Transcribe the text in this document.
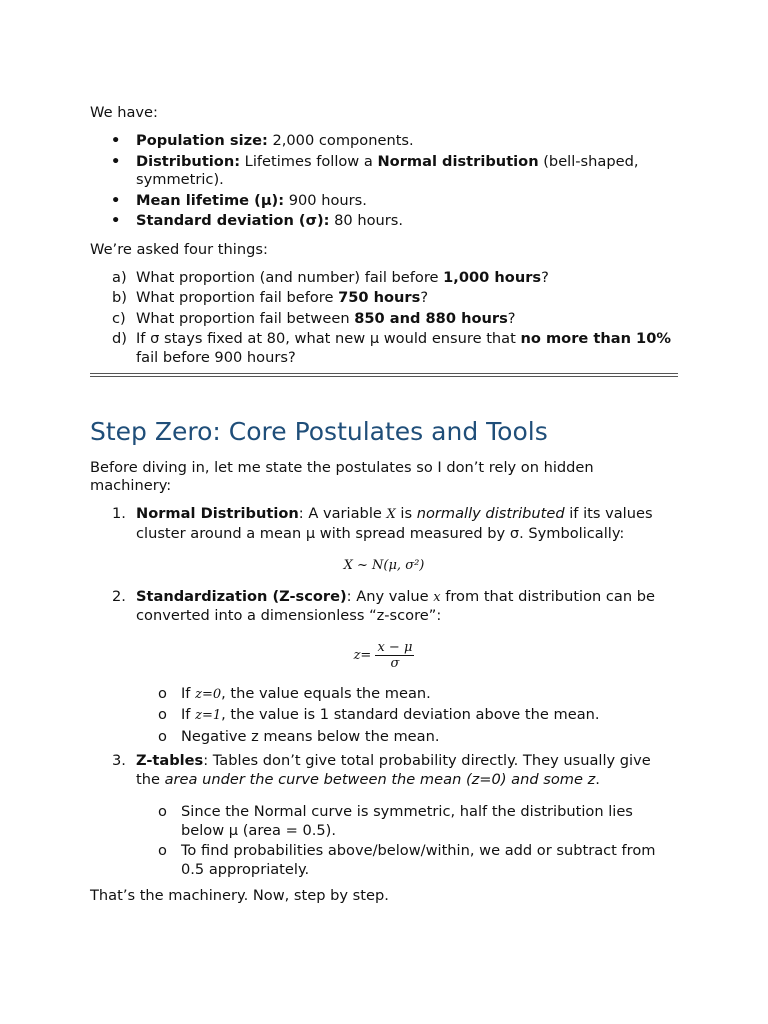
We have:

• Population size: 2,000 components.
• Distribution: Lifetimes follow a Normal distribution (bell-shaped, symmetric).
• Mean lifetime (μ): 900 hours.
• Standard deviation (σ): 80 hours.

We’re asked four things:

a) What proportion (and number) fail before 1,000 hours?
b) What proportion fail before 750 hours?
c) What proportion fail between 850 and 880 hours?
d) If σ stays fixed at 80, what new μ would ensure that no more than 10% fail before 900 hours?
Step Zero: Core Postulates and Tools

Before diving in, let me state the postulates so I don’t rely on hidden machinery:

1. Normal Distribution: A variable X is normally distributed if its values cluster around a mean μ with spread measured by σ. Symbolically:
X ~ N(μ, σ²)
2. Standardization (Z-score): Any value x from that distribution can be converted into a dimensionless “z-score”:
$z= \frac{x - \mu}{\sigma}$
o If z=0, the value equals the mean.
o If z=1, the value is 1 standard deviation above the mean.
o Negative z means below the mean.
3. Z-tables: Tables don’t give total probability directly. They usually give the area under the curve between the mean (z=0) and some z.
o Since the Normal curve is symmetric, half the distribution lies below μ (area = 0.5).
o To find probabilities above/below/within, we add or subtract from 0.5 appropriately.

That’s the machinery. Now, step by step.
